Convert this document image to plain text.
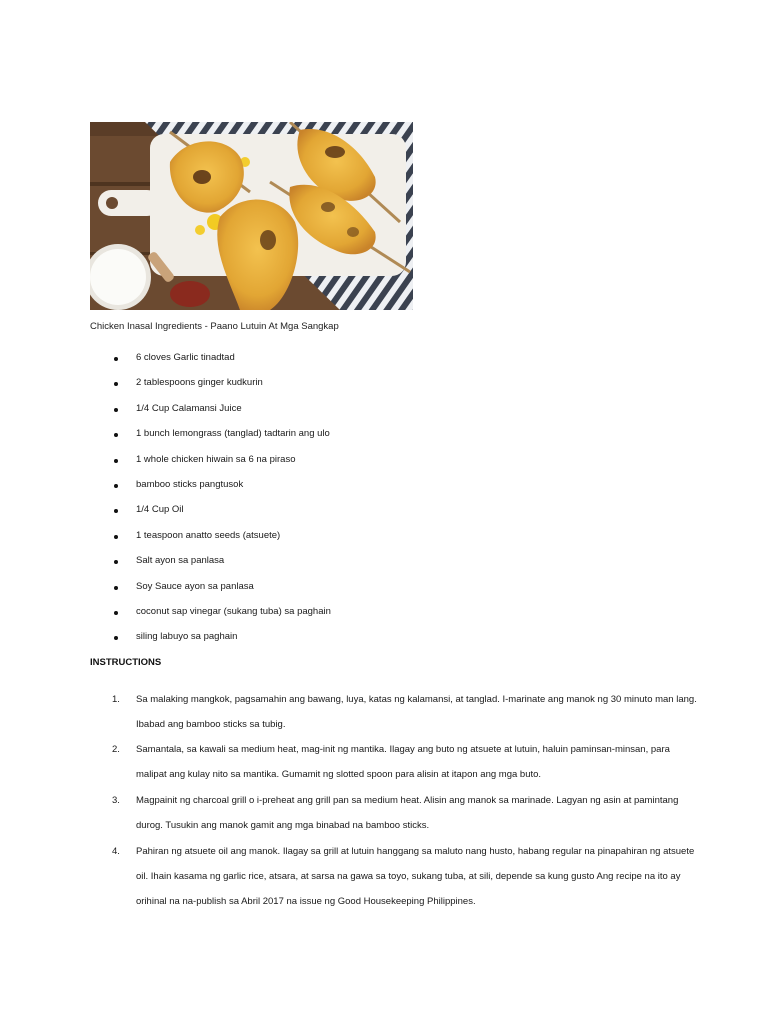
Chicken Inasal Ingredients - Paano Lutuin At Mga Sangkap
6 cloves Garlic tinadtad
2 tablespoons ginger kudkurin
1/4 Cup Calamansi Juice
1 bunch lemongrass (tanglad) tadtarin ang ulo
1 whole chicken hiwain sa 6 na piraso
bamboo sticks pangtusok
1/4 Cup Oil
1 teaspoon anatto seeds (atsuete)
Salt ayon sa panlasa
Soy Sauce ayon sa panlasa
coconut sap vinegar (sukang tuba) sa paghain
siling labuyo sa paghain
INSTRUCTIONS
1. Sa malaking mangkok, pagsamahin ang bawang, luya, katas ng kalamansi, at tanglad. I-marinate ang manok ng 30 minuto man lang.
Ibabad ang bamboo sticks sa tubig.
2. Samantala, sa kawali sa medium heat, mag-init ng mantika. Ilagay ang buto ng atsuete at lutuin, haluin paminsan-minsan, para
malipat ang kulay nito sa mantika. Gumamit ng slotted spoon para alisin at itapon ang mga buto.
3. Magpainit ng charcoal grill o i-preheat ang grill pan sa medium heat. Alisin ang manok sa marinade. Lagyan ng asin at pamintang
durog. Tusukin ang manok gamit ang mga binabad na bamboo sticks.
4. Pahiran ng atsuete oil ang manok. Ilagay sa grill at lutuin hanggang sa maluto nang husto, habang regular na pinapahiran ng atsuete
oil. Ihain kasama ng garlic rice, atsara, at sarsa na gawa sa toyo, sukang tuba, at sili, depende sa kung gusto Ang recipe na ito ay
orihinal na na-publish sa Abril 2017 na issue ng Good Housekeeping Philippines.
